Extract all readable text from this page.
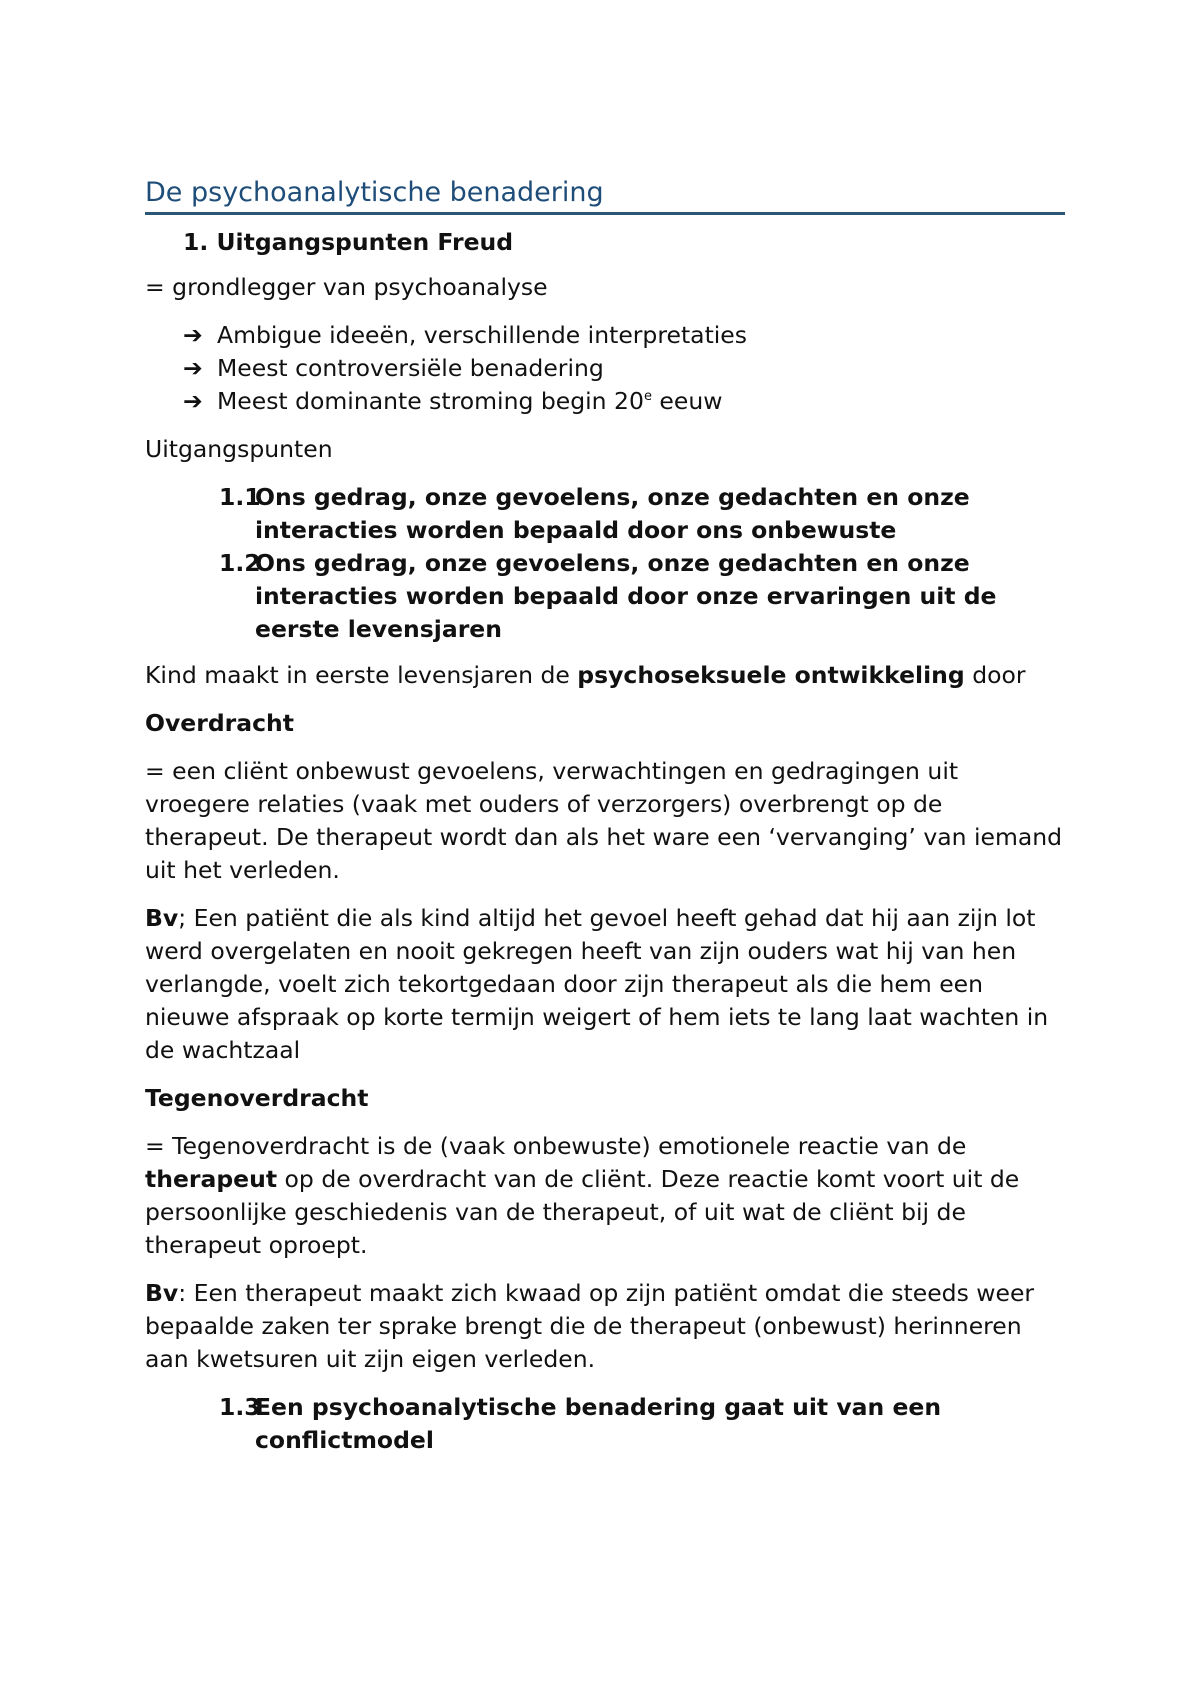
De psychoanalytische benadering
1. Uitgangspunten Freud

= grondlegger van psychoanalyse

➔ Ambigue ideeën, verschillende interpretaties
➔ Meest controversiële benadering
➔ Meest dominante stroming begin 20e eeuw

Uitgangspunten

1.1
Ons gedrag, onze gevoelens, onze gedachten en onze interacties worden bepaald door ons onbewuste
1.2
Ons gedrag, onze gevoelens, onze gedachten en onze interacties worden bepaald door onze ervaringen uit de eerste levensjaren

Kind maakt in eerste levensjaren de psychoseksuele ontwikkeling door

Overdracht

= een cliënt onbewust gevoelens, verwachtingen en gedragingen uit vroegere relaties (vaak met ouders of verzorgers) overbrengt op de therapeut. De therapeut wordt dan als het ware een ‘vervanging’ van iemand uit het verleden.

Bv; Een patiënt die als kind altijd het gevoel heeft gehad dat hij aan zijn lot
werd overgelaten en nooit gekregen heeft van zijn ouders wat hij van hen verlangde, voelt zich tekortgedaan door zijn therapeut als die hem een nieuwe afspraak op korte termijn weigert of hem iets te lang laat wachten in de wachtzaal

Tegenoverdracht

= Tegenoverdracht is de (vaak onbewuste) emotionele reactie van de therapeut op de overdracht van de cliënt. Deze reactie komt voort uit de persoonlijke geschiedenis van de therapeut, of uit wat de cliënt bij de therapeut oproept.

Bv: Een therapeut maakt zich kwaad op zijn patiënt omdat die steeds weer
bepaalde zaken ter sprake brengt die de therapeut (onbewust) herinneren aan kwetsuren uit zijn eigen verleden.

1.3
Een psychoanalytische benadering gaat uit van een conflictmodel
